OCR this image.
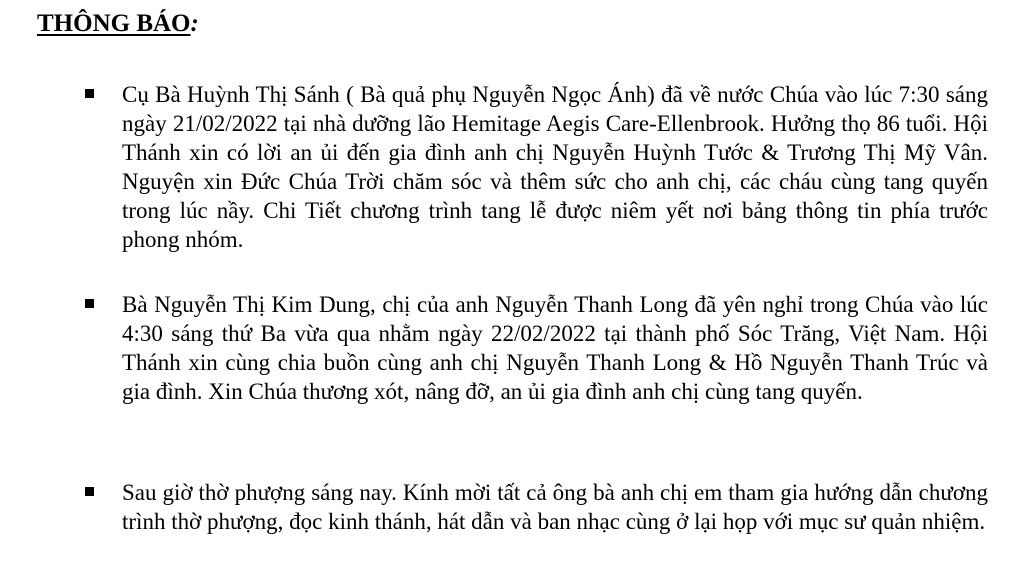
THÔNG BÁO:

Cụ Bà Huỳnh Thị Sánh ( Bà quả phụ Nguyễn Ngọc Ánh) đã về nước Chúa vào lúc 7:30 sáng ngày 21/02/2022 tại nhà dưỡng lão Hemitage Aegis Care-Ellenbrook. Hưởng thọ 86 tuổi. Hội Thánh xin có lời an ủi đến gia đình anh chị Nguyễn Huỳnh Tước & Trương Thị Mỹ Vân. Nguyện xin Đức Chúa Trời chăm sóc và thêm sức cho anh chị, các cháu cùng tang quyến trong lúc nầy. Chi Tiết chương trình tang lễ được niêm yết nơi bảng thông tin phía trước phong nhóm.

Bà Nguyễn Thị Kim Dung, chị của anh Nguyễn Thanh Long đã yên nghỉ trong Chúa vào lúc 4:30 sáng thứ Ba vừa qua nhằm ngày 22/02/2022 tại thành phố Sóc Trăng, Việt Nam. Hội Thánh xin cùng chia buồn cùng anh chị Nguyễn Thanh Long & Hồ Nguyễn Thanh Trúc và gia đình. Xin Chúa thương xót, nâng đỡ, an ủi gia đình anh chị cùng tang quyến.

Sau giờ thờ phượng sáng nay. Kính mời tất cả ông bà anh chị em tham gia hướng dẫn chương trình thờ phượng, đọc kinh thánh, hát dẫn và ban nhạc cùng ở lại họp với mục sư quản nhiệm.
